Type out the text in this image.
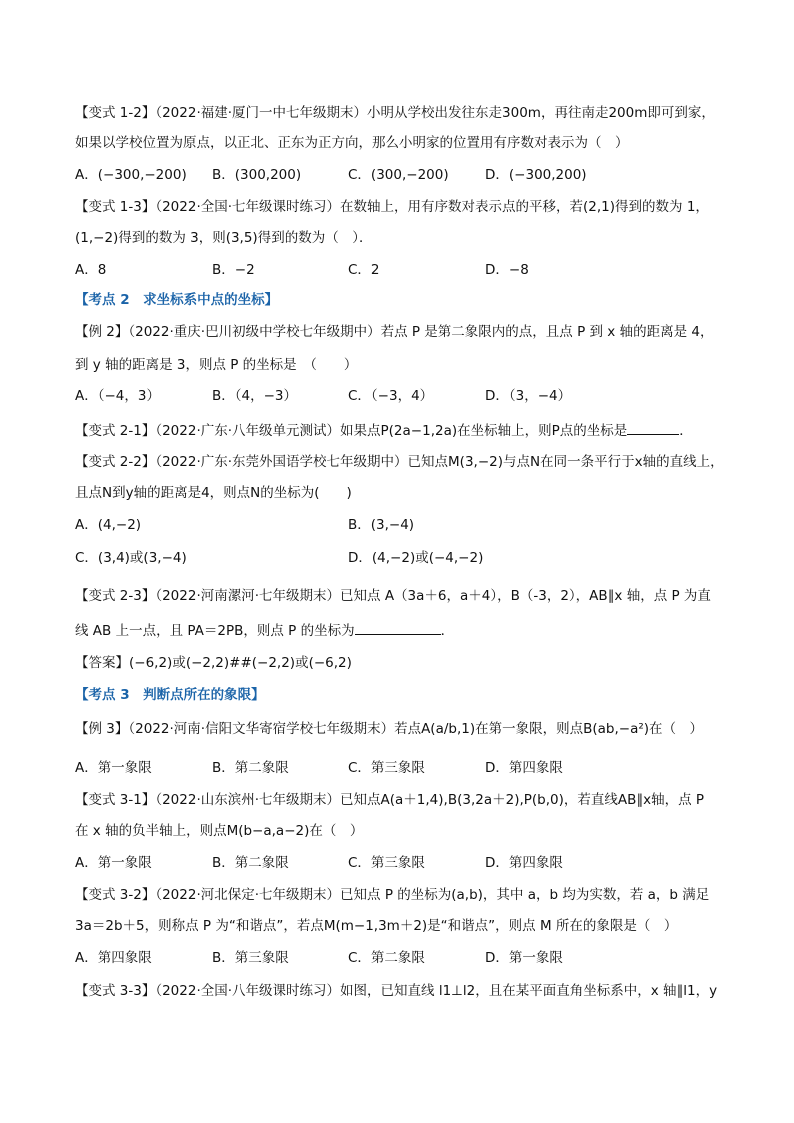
【变式 1-2】（2022·福建·厦门一中七年级期末）小明从学校出发往东走300m，再往南走200m即可到家，
如果以学校位置为原点，以正北、正东为正方向，那么小明家的位置用有序数对表示为（　）
A．(−300,−200) B．(300,200)	C．(300,−200)	D．(−300,200)
【变式 1-3】（2022·全国·七年级课时练习）在数轴上，用有序数对表示点的平移，若(2,1)得到的数为 1，
(1,−2)得到的数为 3，则(3,5)得到的数为（　）．
A．8	B．−2	C．2	D．−8
【考点 2　求坐标系中点的坐标】
【例 2】（2022·重庆·巴川初级中学校七年级期中）若点 P 是第二象限内的点，且点 P 到 x 轴的距离是 4，
到 y 轴的距离是 3，则点 P 的坐标是　（　　）
A．（−4，3）	B．（4，−3）	C．（−3，4）	D．（3，−4）
【变式 2-1】（2022·广东·八年级单元测试）如果点P(2a−1,2a)在坐标轴上，则P点的坐标是	．
【变式 2-2】（2022·广东·东莞外国语学校七年级期中）已知点M(3,−2)与点N在同一条平行于x轴的直线上，
且点N到y轴的距离是4，则点N的坐标为(　　)
A．(4,−2)	B．(3,−4)
C．(3,4)或(3,−4)	D．(4,−2)或(−4,−2)
【变式 2-3】（2022·河南漯河·七年级期末）已知点 A（3a＋6，a＋4），B（-3，2），AB∥x 轴，点 P 为直
线 AB 上一点，且 PA＝2PB，则点 P 的坐标为	．
【答案】(−6,2)或(−2,2)##(−2,2)或(−6,2)
【考点 3　判断点所在的象限】
【例 3】（2022·河南·信阳文华寄宿学校七年级期末）若点A(a/b,1)在第一象限，则点B(ab,−a²)在（　）
A．第一象限	B．第二象限	C．第三象限	D．第四象限
【变式 3-1】（2022·山东滨州·七年级期末）已知点A(a＋1,4),B(3,2a＋2),P(b,0)，若直线AB∥x轴，点 P
在 x 轴的负半轴上，则点M(b−a,a−2)在（　）
A．第一象限	B．第二象限	C．第三象限	D．第四象限
【变式 3-2】（2022·河北保定·七年级期末）已知点 P 的坐标为(a,b)，其中 a，b 均为实数，若 a，b 满足
3a＝2b＋5，则称点 P 为“和谐点”，若点M(m−1,3m＋2)是“和谐点”，则点 M 所在的象限是（　）
A．第四象限	B．第三象限	C．第二象限	D．第一象限
【变式 3-3】（2022·全国·八年级课时练习）如图，已知直线 l1⊥l2，且在某平面直角坐标系中，x 轴∥l1，y
